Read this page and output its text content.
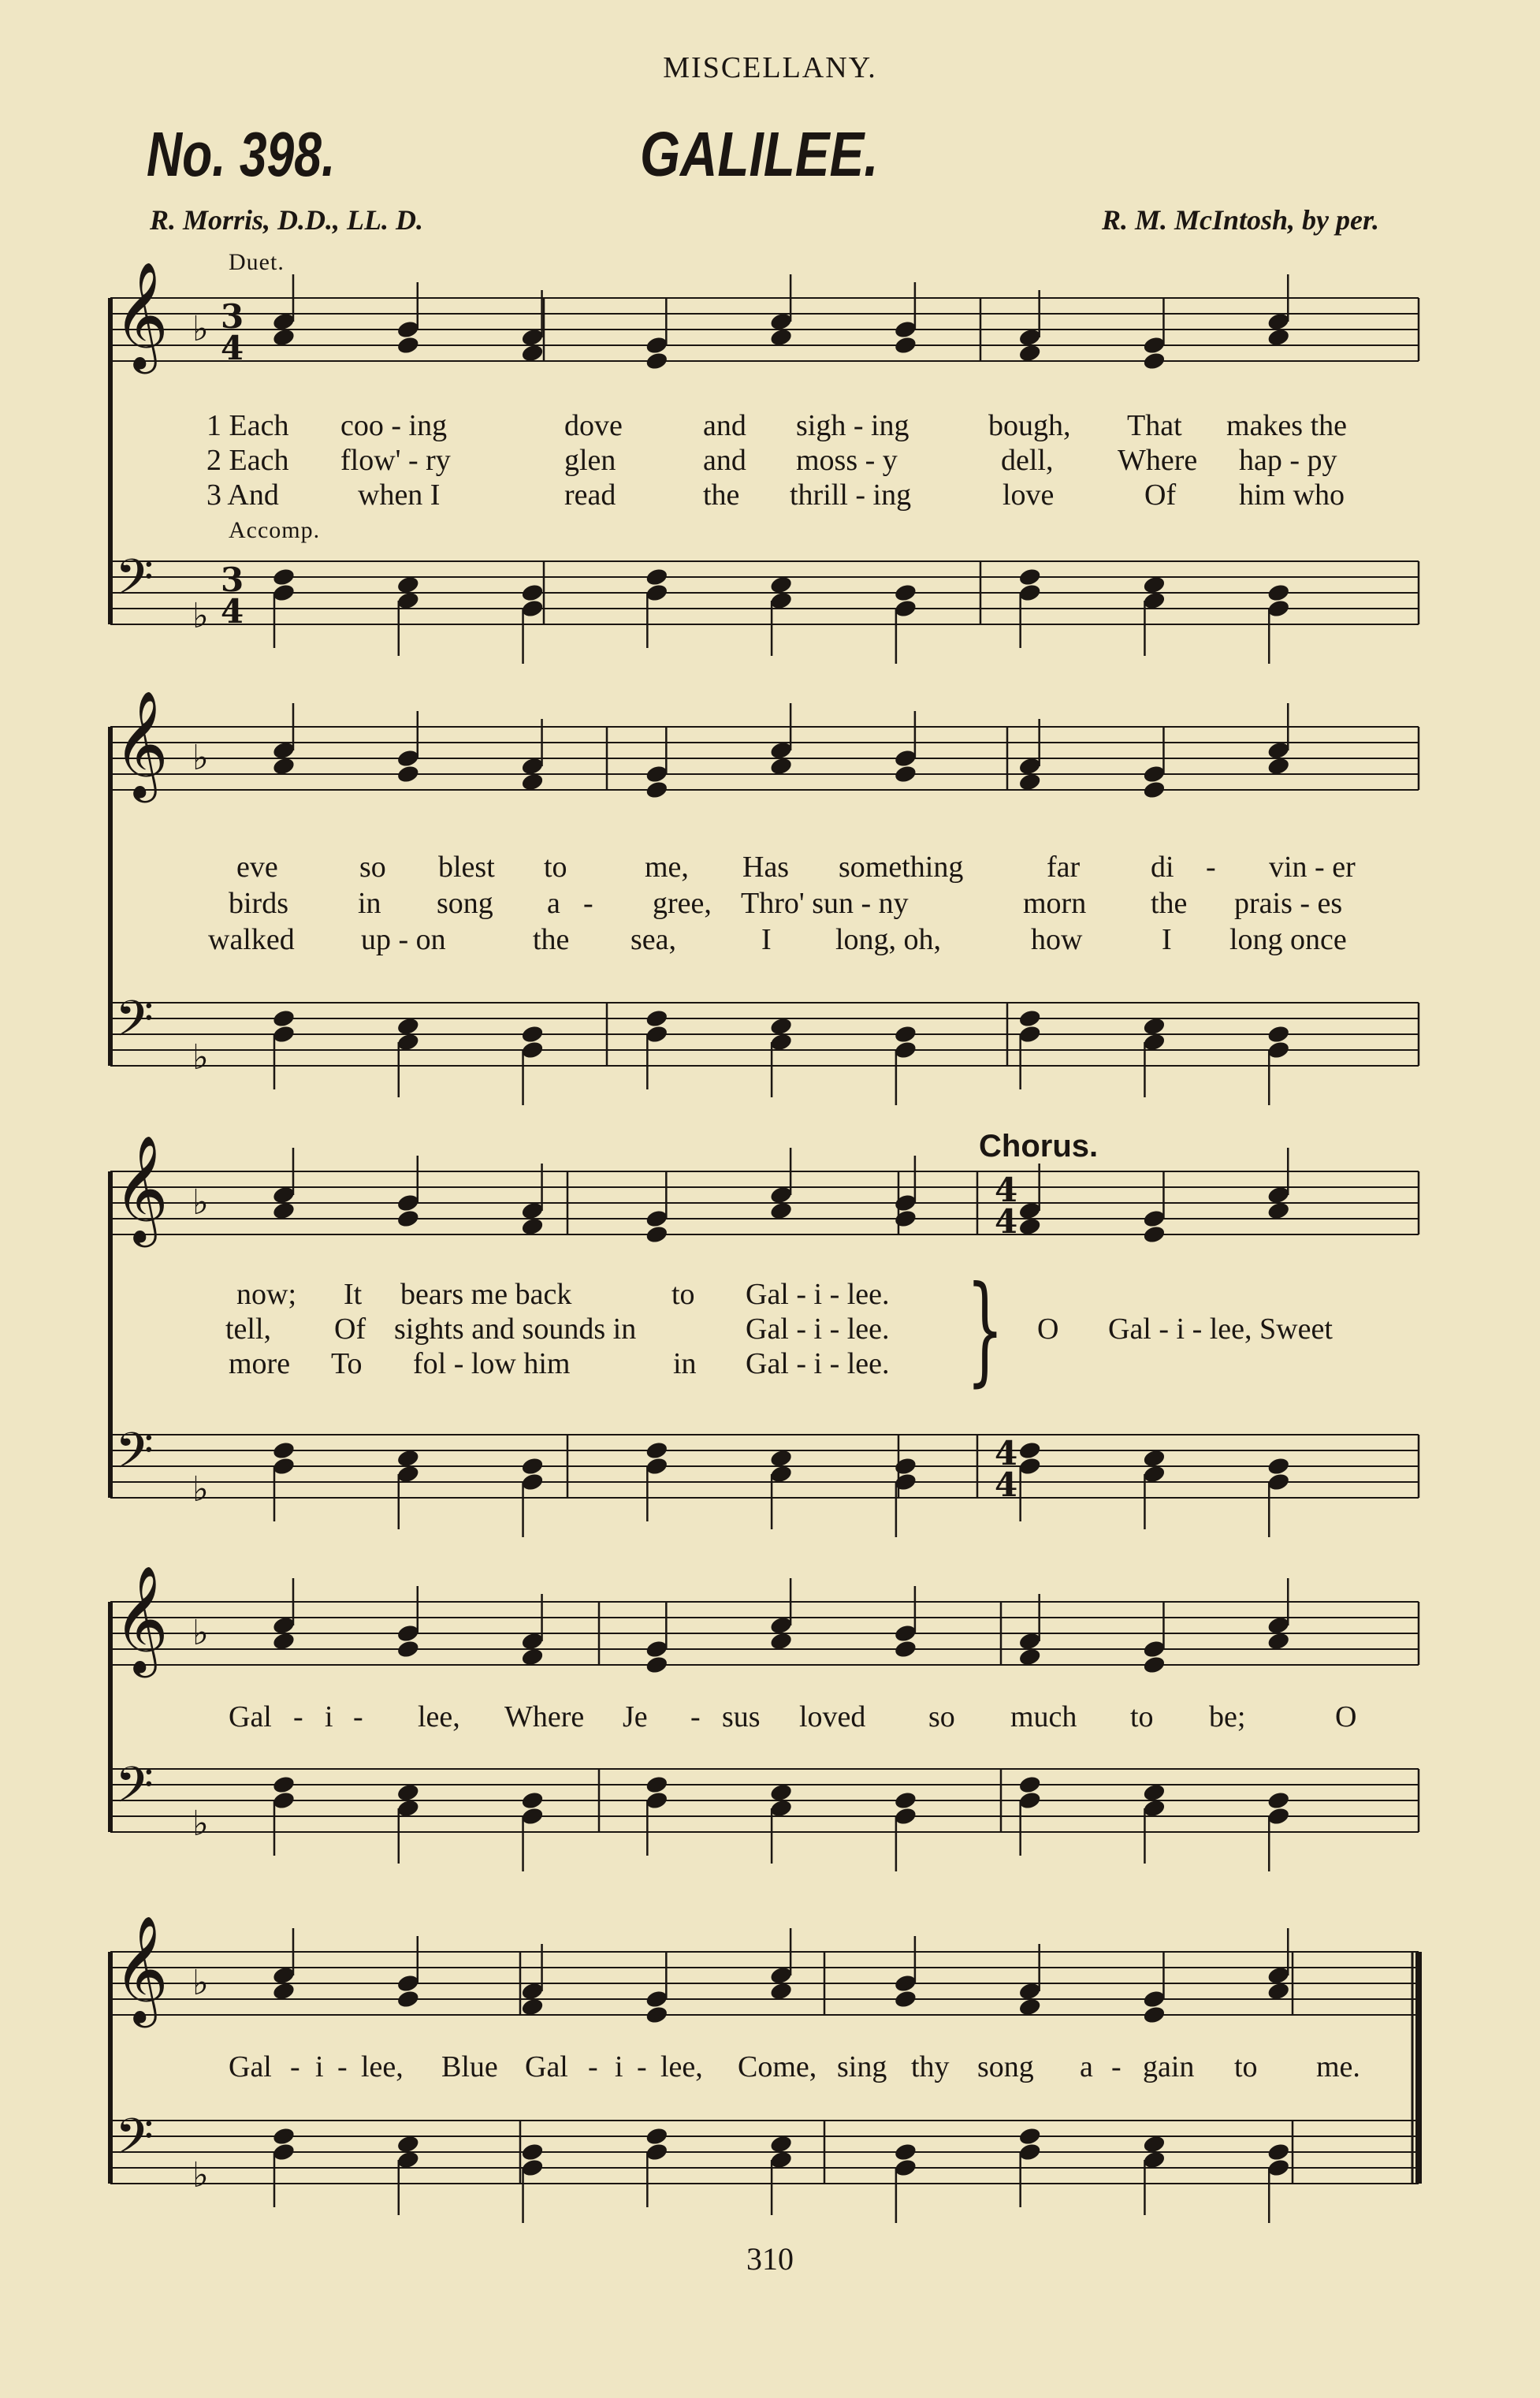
MISCELLANY.
No. 398.	GALILEE.
R. Morris, D.D., LL. D.	R. M. McIntosh, by per.
Duet.
Accomp.
Chorus.
𝄞
𝄢
♭
♭
3
4
3
4
𝄞
𝄢
♭
♭
𝄞
𝄢
♭
♭
4
4
4
4
𝄞
𝄢
♭
♭
𝄞
𝄢
♭
♭
1 Each coo - ing	dove	and sigh - ing	bough, That makes the
2 Each flow' - ry	glen	and moss - y	dell, Where hap - py
3 And	when I	read	the thrill - ing	love	Of him who
eve	so blest to	me, Has something	far di - vin - er
birds in song a - gree, Thro' sun - ny	morn the prais - es
walked up - on	the sea,	I long, oh,	how	I long once
now; It bears me back	to Gal - i - lee.
tell, Of sights and sounds in	Gal - i - lee.
more To fol - low him	in Gal - i - lee. } O Gal - i - lee, Sweet
Gal - i - lee, Where Je - sus loved so much to be;	O
Gal - i - lee, Blue Gal - i - lee, Come, sing thy song a - gain to me.
310
